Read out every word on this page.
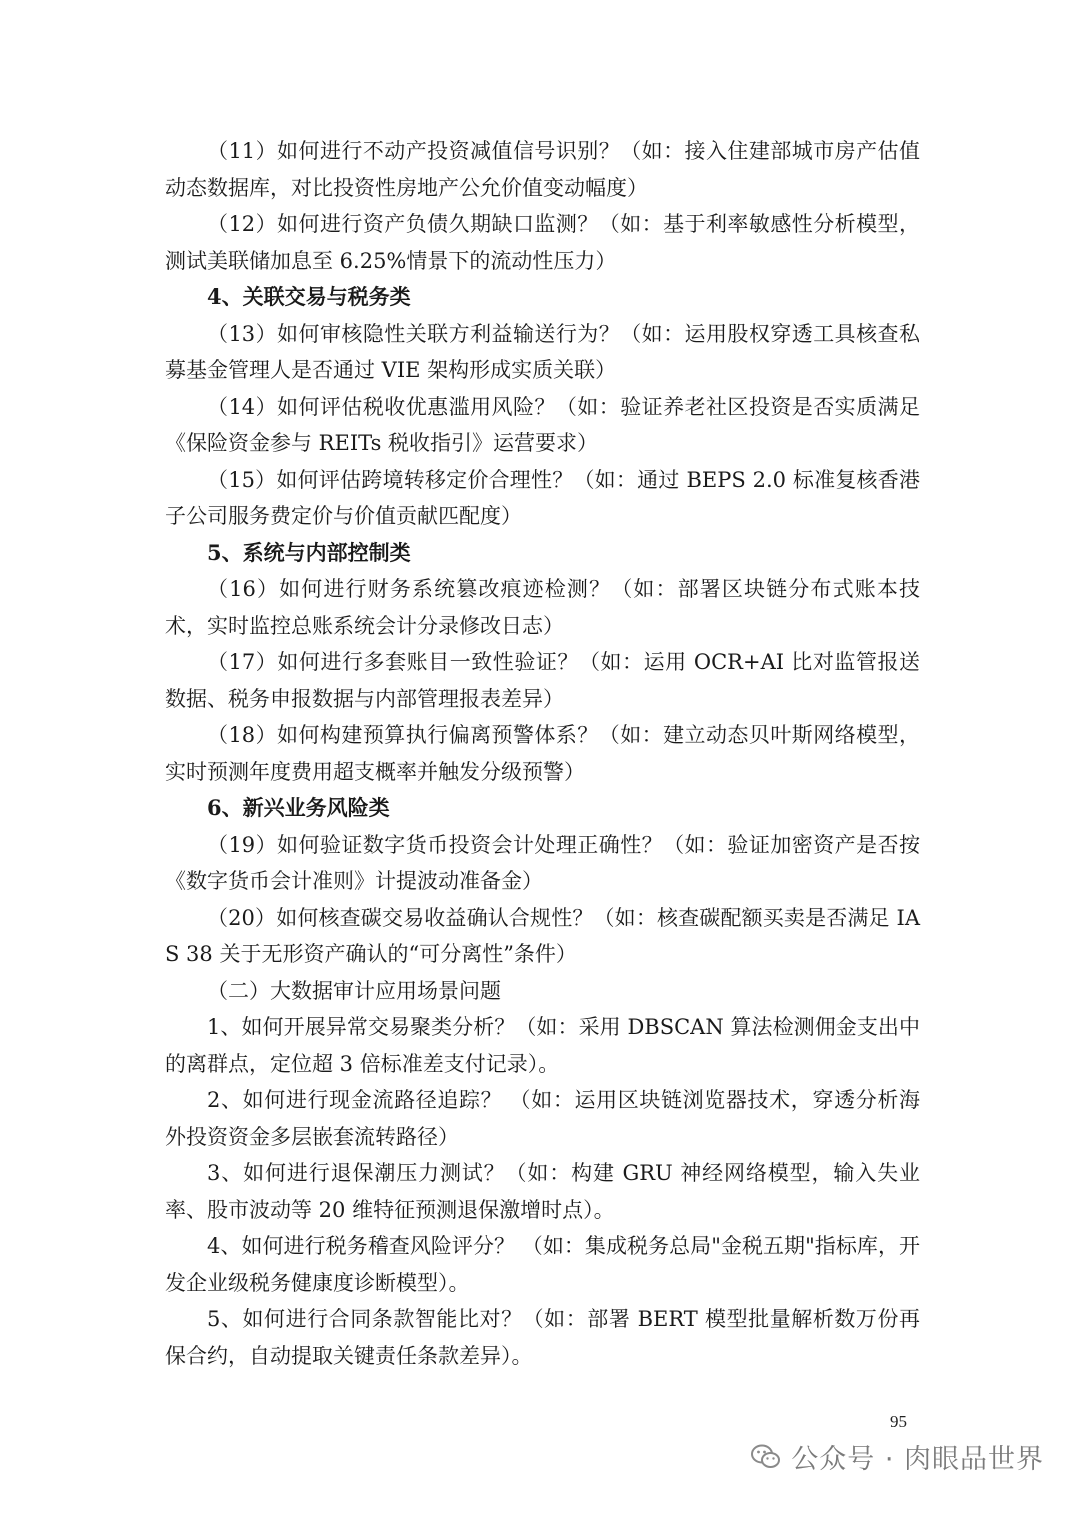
（11）如何进行不动产投资减值信号识别？（如：接入住建部城市房产估值动态数据库，对比投资性房地产公允价值变动幅度）

（12）如何进行资产负债久期缺口监测？（如：基于利率敏感性分析模型，测试美联储加息至 6.25%情景下的流动性压力）

4、关联交易与税务类

（13）如何审核隐性关联方利益输送行为？（如：运用股权穿透工具核查私募基金管理人是否通过 VIE 架构形成实质关联）

（14）如何评估税收优惠滥用风险？（如：验证养老社区投资是否实质满足《保险资金参与 REITs 税收指引》运营要求）

（15）如何评估跨境转移定价合理性？（如：通过 BEPS 2.0 标准复核香港子公司服务费定价与价值贡献匹配度）

5、系统与内部控制类

（16）如何进行财务系统篡改痕迹检测？（如：部署区块链分布式账本技术，实时监控总账系统会计分录修改日志）

（17）如何进行多套账目一致性验证？（如：运用 OCR+AI 比对监管报送数据、税务申报数据与内部管理报表差异）

（18）如何构建预算执行偏离预警体系？（如：建立动态贝叶斯网络模型，实时预测年度费用超支概率并触发分级预警）

6、新兴业务风险类

（19）如何验证数字货币投资会计处理正确性？（如：验证加密资产是否按《数字货币会计准则》计提波动准备金）

（20）如何核查碳交易收益确认合规性？（如：核查碳配额买卖是否满足 IAS 38 关于无形资产确认的“可分离性”条件）

（二）大数据审计应用场景问题

1、如何开展异常交易聚类分析？（如：采用 DBSCAN 算法检测佣金支出中的离群点，定位超 3 倍标准差支付记录）。

2、如何进行现金流路径追踪？ （如：运用区块链浏览器技术，穿透分析海外投资资金多层嵌套流转路径）

3、如何进行退保潮压力测试？（如：构建 GRU 神经网络模型，输入失业率、股市波动等 20 维特征预测退保激增时点）。

4、如何进行税务稽查风险评分？ （如：集成税务总局"金税五期"指标库，开发企业级税务健康度诊断模型）。

5、如何进行合同条款智能比对？（如：部署 BERT 模型批量解析数万份再保合约，自动提取关键责任条款差异）。

95
公众号 · 肉眼品世界
